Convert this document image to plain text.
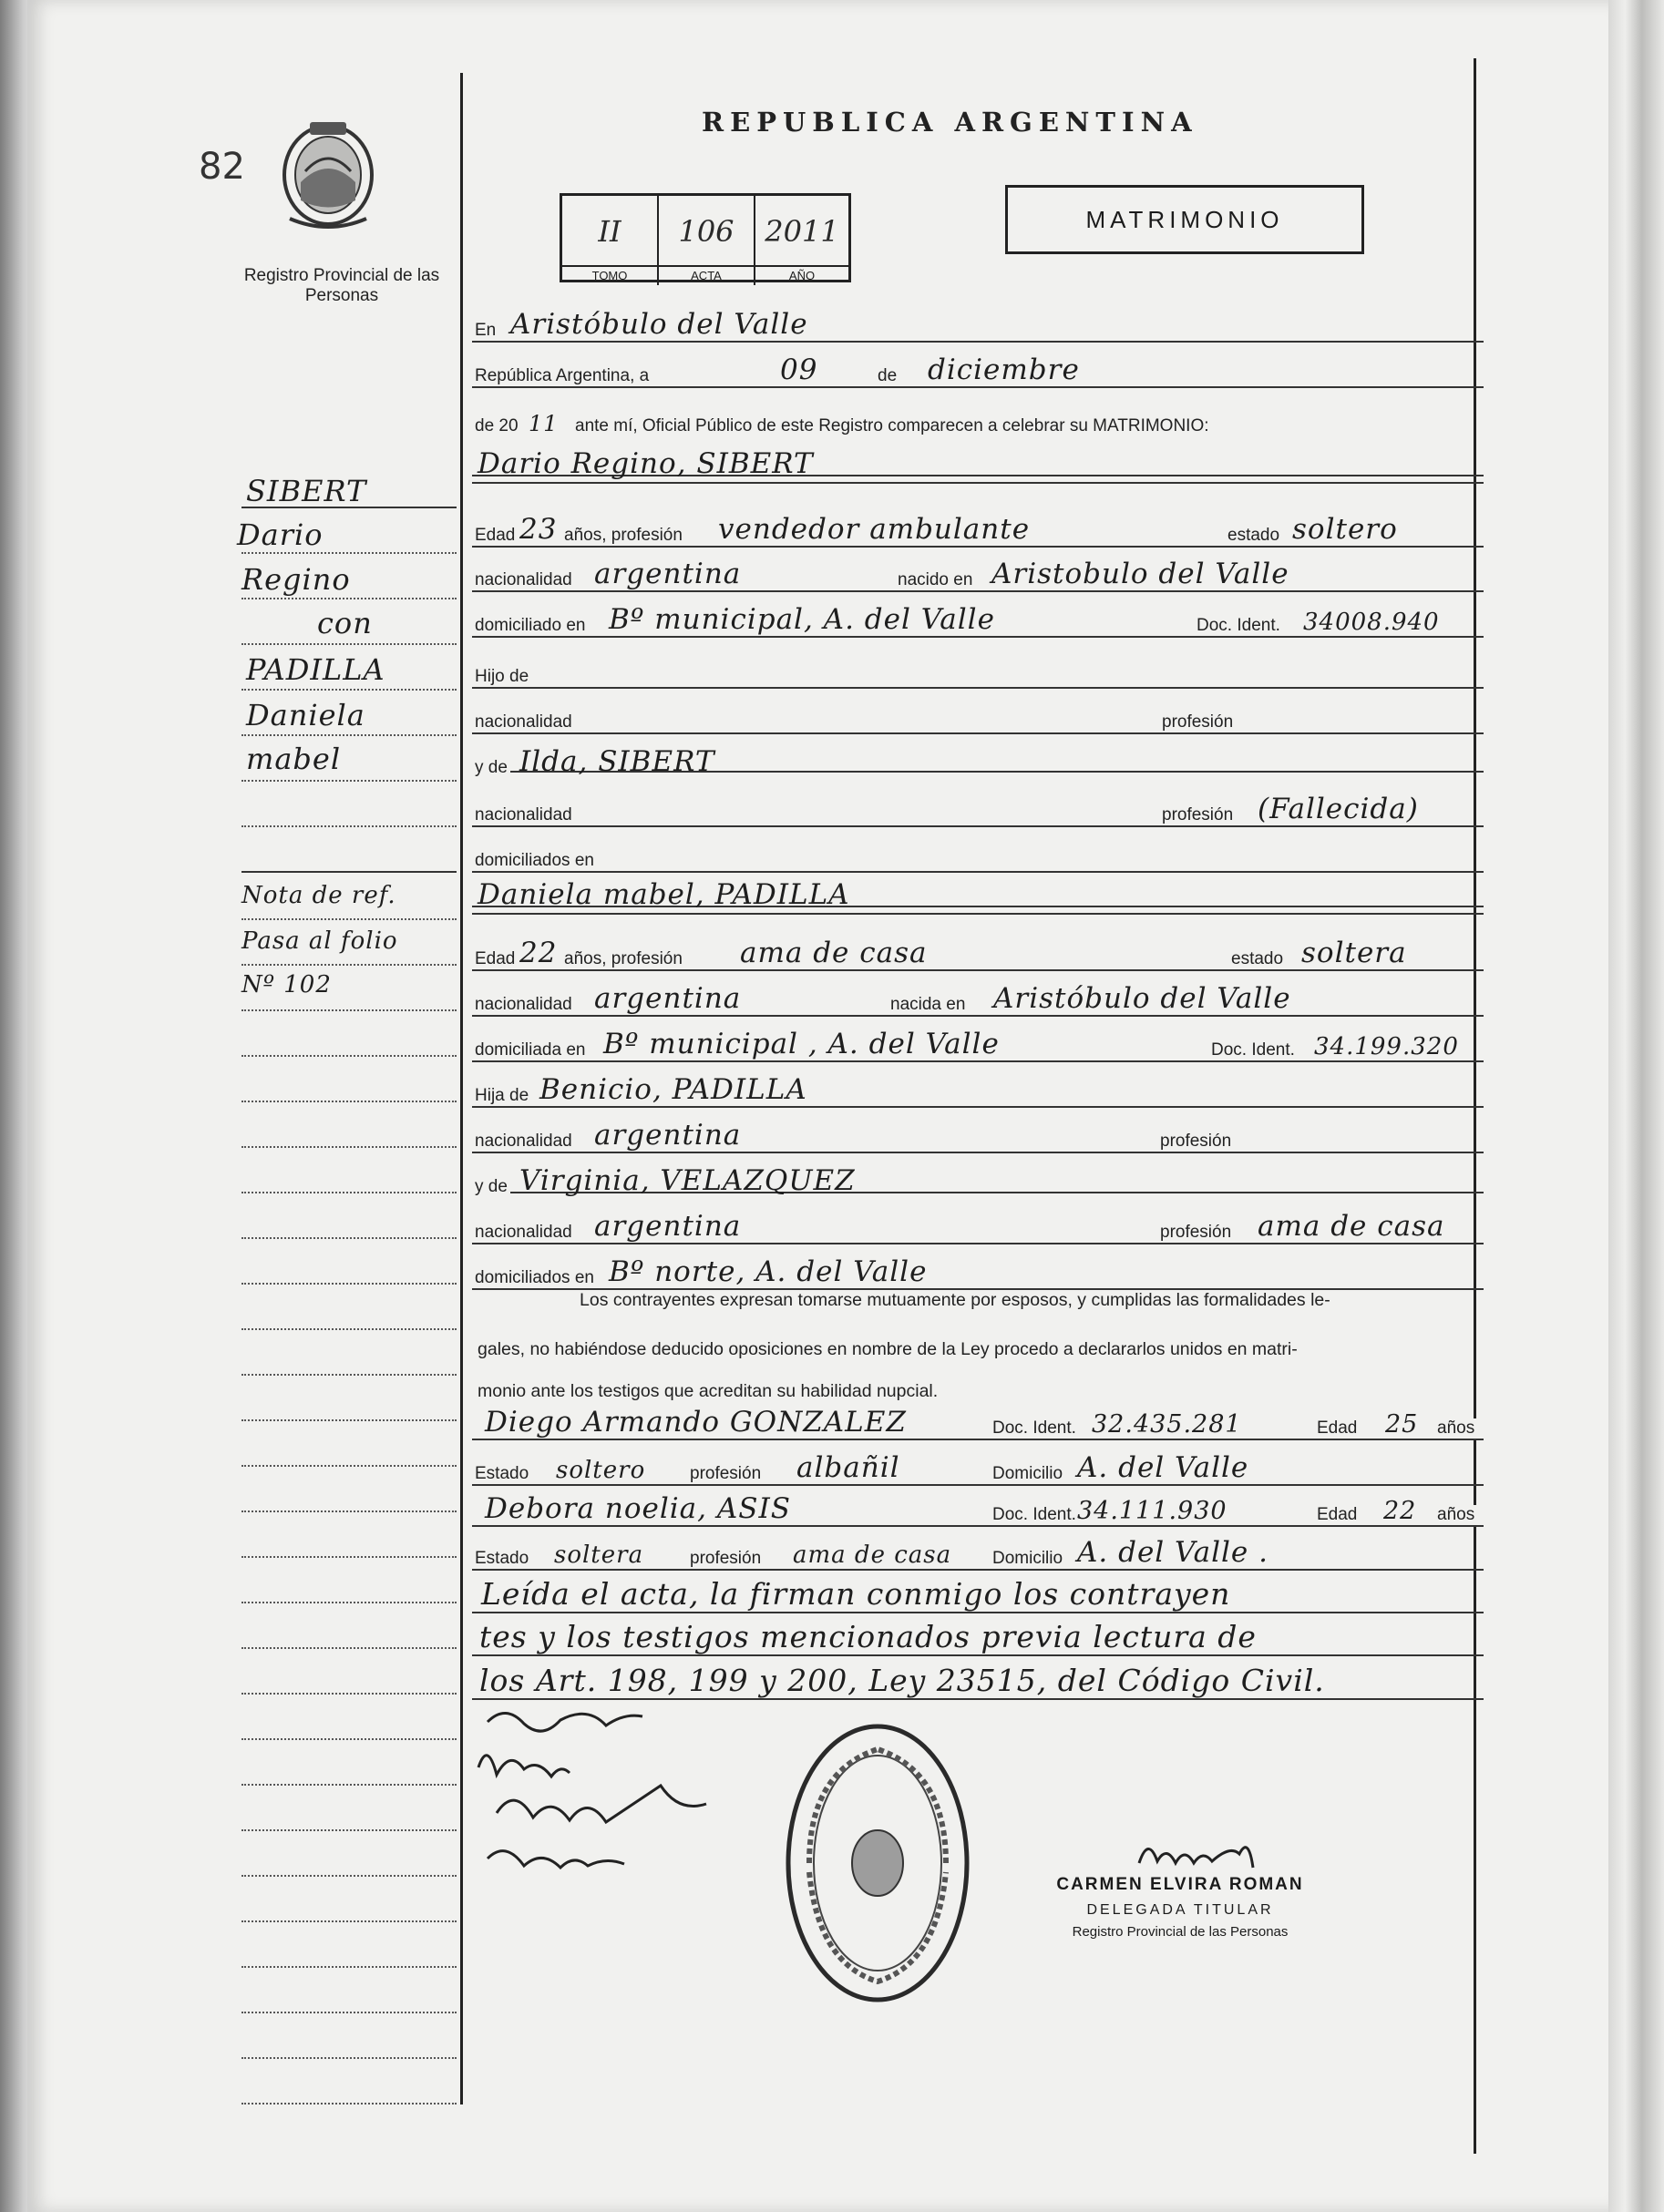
82
Registro Provincial de las Personas
REPUBLICA ARGENTINA
II	106	2011
TOMO	ACTA	AÑO
MATRIMONIO
SIBERT
Dario
Regino
con
PADILLA
Daniela
mabel
Nota de ref.
Pasa al folio
Nº 102
En Aristóbulo del Valle
República Argentina, a	09	de diciembre
de 20 11 ante mí, Oficial Público de este Registro comparecen a celebrar su MATRIMONIO:
Dario Regino, SIBERT
Edad 23 años, profesión vendedor ambulante	estado soltero
nacionalidad argentina	nacido en Aristobulo del Valle
domiciliado en Bº municipal, A. del Valle	Doc. Ident. 34008.940
Hijo de
nacionalidad	profesión
y de Ilda, SIBERT
nacionalidad	profesión (Fallecida)
domiciliados en
Daniela mabel, PADILLA
Edad 22 años, profesión ama de casa	estado soltera
nacionalidad argentina	nacida en Aristóbulo del Valle
domiciliada en Bº municipal , A. del Valle	Doc. Ident. 34.199.320
Hija de Benicio, PADILLA
nacionalidad argentina	profesión
y de Virginia, VELAZQUEZ
nacionalidad argentina	profesión ama de casa
domiciliados en Bº norte, A. del Valle
Los contrayentes expresan tomarse mutuamente por esposos, y cumplidas las formalidades le-
gales, no habiéndose deducido oposiciones en nombre de la Ley procedo a declararlos unidos en matri-
monio ante los testigos que acreditan su habilidad nupcial.
Diego Armando GONZALEZ	Doc. Ident. 32.435.281	Edad 25 años
Estado soltero	profesión albañil	Domicilio A. del Valle
Debora noelia, ASIS	Doc. Ident. 34.111.930	Edad 22 años
Estado soltera	profesión ama de casa Domicilio A. del Valle .
Leída el acta, la firman conmigo los contrayen
tes y los testigos mencionados previa lectura de
los Art. 198, 199 y 200, Ley 23515, del Código Civil.
CARMEN ELVIRA ROMAN
DELEGADA TITULAR
Registro Provincial de las Personas
